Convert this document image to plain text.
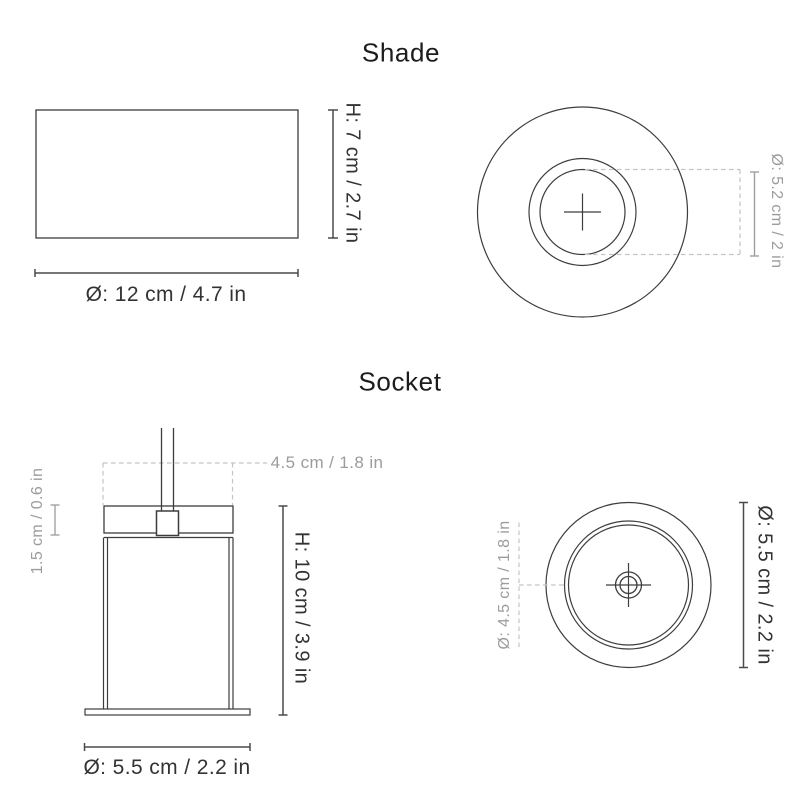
Shade
H: 7 cm / 2.7 in
Ø: 12 cm / 4.7 in
Ø: 5.2 cm / 2 in
Socket
4.5 cm / 1.8 in
1.5 cm / 0.6 in
H: 10 cm / 3.9 in
Ø: 5.5 cm / 2.2 in
Ø: 4.5 cm / 1.8 in	Ø: 5.5 cm / 2.2 in
